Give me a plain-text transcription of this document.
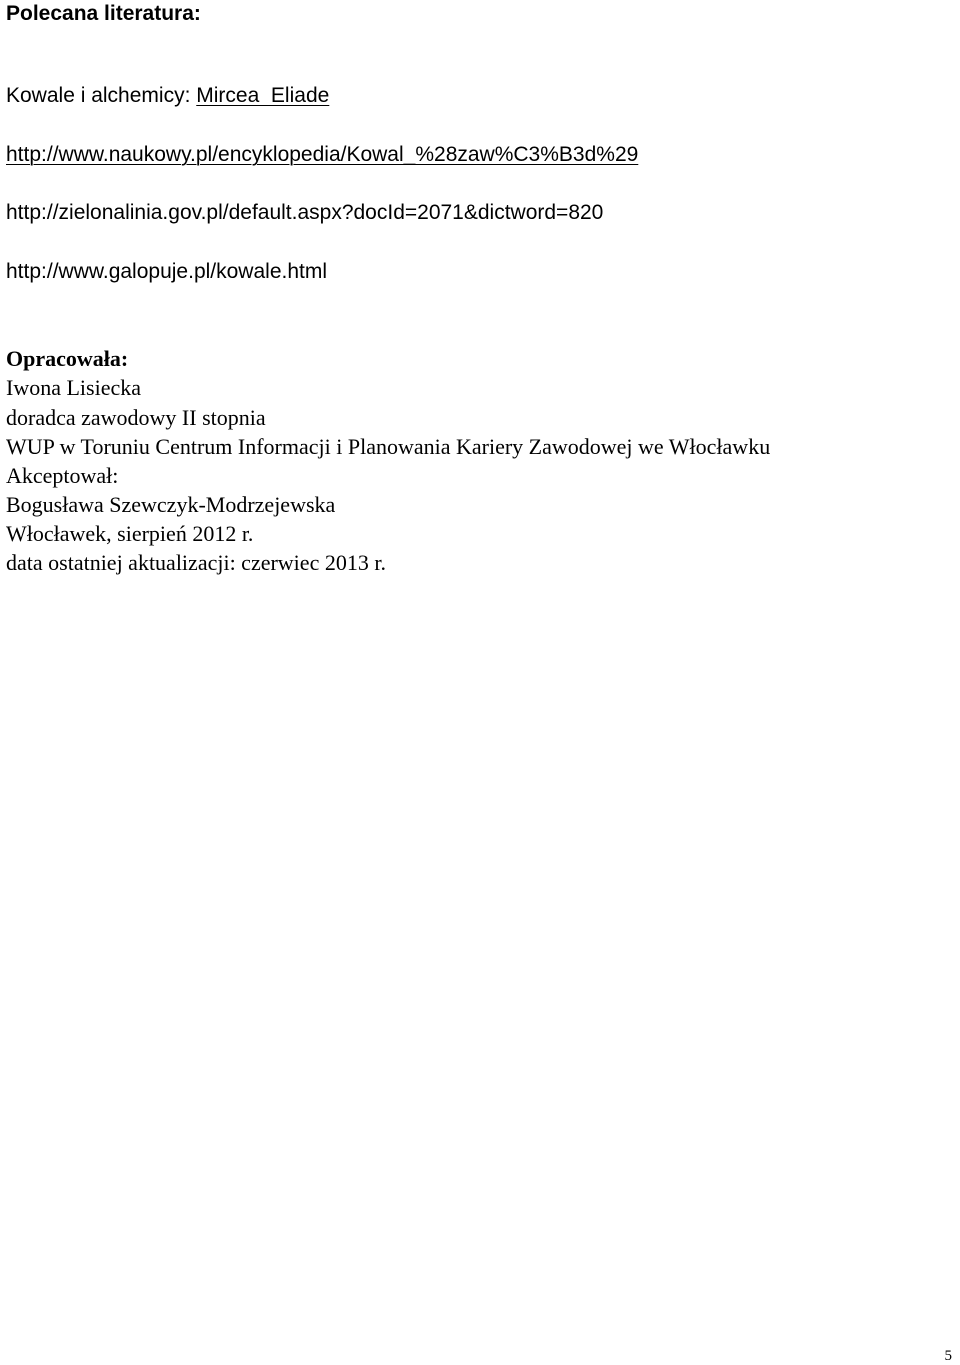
Polecana literatura:

Kowale i alchemicy: Mircea  Eliade

http://www.naukowy.pl/encyklopedia/Kowal_%28zaw%C3%B3d%29

http://zielonalinia.gov.pl/default.aspx?docId=2071&dictword=820

http://www.galopuje.pl/kowale.html

Opracowała:

Iwona Lisiecka

doradca zawodowy II stopnia

WUP w Toruniu Centrum Informacji i Planowania Kariery Zawodowej we Włocławku

Akceptował:

Bogusława Szewczyk-Modrzejewska

Włocławek, sierpień 2012 r.

data ostatniej aktualizacji: czerwiec 2013 r.

5
